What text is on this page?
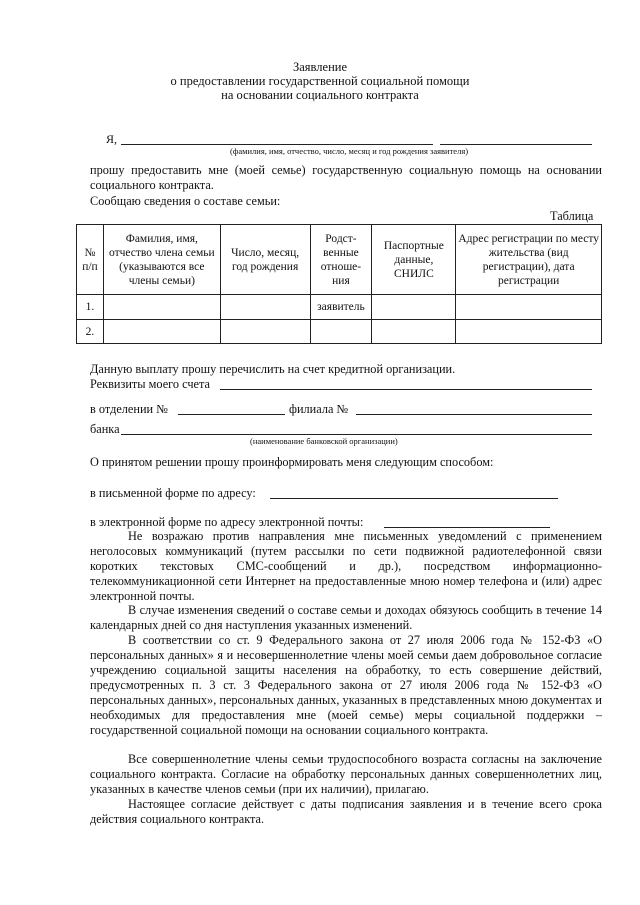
Заявление
о предоставлении государственной социальной помощи
на основании социального контракта
Я,
(фамилия, имя, отчество, число, месяц и год рождения заявителя)
прошу предоставить мне (моей семье) государственную социальную помощь на основании социального контракта.
Сообщаю сведения о составе семьи:
Таблица
№ п/п	Фамилия, имя, отчество члена семьи (указываются все члены семьи)	Число, месяц, год рождения	Родст-венные отноше-ния	Паспортные данные, СНИЛС	Адрес регистрации по месту жительства (вид регистрации), дата регистрации
1.			заявитель		
2.					
Данную выплату прошу перечислить на счет кредитной организации.
Реквизиты моего счета
в отделении №	филиала №
банка
(наименование банковской организации)
О принятом решении прошу проинформировать меня следующим способом:
в письменной форме по адресу:
в электронной форме по адресу электронной почты:
Не возражаю против направления мне письменных уведомлений с применением неголосовых коммуникаций (путем рассылки по сети подвижной радиотелефонной связи коротких текстовых СМС-сообщений и др.), посредством информационно-телекоммуникационной сети Интернет на предоставленные мною номер телефона и (или) адрес электронной почты.
В случае изменения сведений о составе семьи и доходах обязуюсь сообщить в течение 14 календарных дней со дня наступления указанных изменений.
В соответствии со ст. 9 Федерального закона от 27 июля 2006 года № 152-ФЗ «О персональных данных» я и несовершеннолетние члены моей семьи даем добровольное согласие учреждению социальной защиты населения на обработку, то есть совершение действий, предусмотренных п. 3 ст. 3 Федерального закона от 27 июля 2006 года № 152-ФЗ «О персональных данных», персональных данных, указанных в представленных мною документах и необходимых для предоставления мне (моей семье) меры социальной поддержки – государственной социальной помощи на основании социального контракта.
Все совершеннолетние члены семьи трудоспособного возраста согласны на заключение социального контракта. Согласие на обработку персональных данных совершеннолетних лиц, указанных в качестве членов семьи (при их наличии), прилагаю.
Настоящее согласие действует с даты подписания заявления и в течение всего срока действия социального контракта.
